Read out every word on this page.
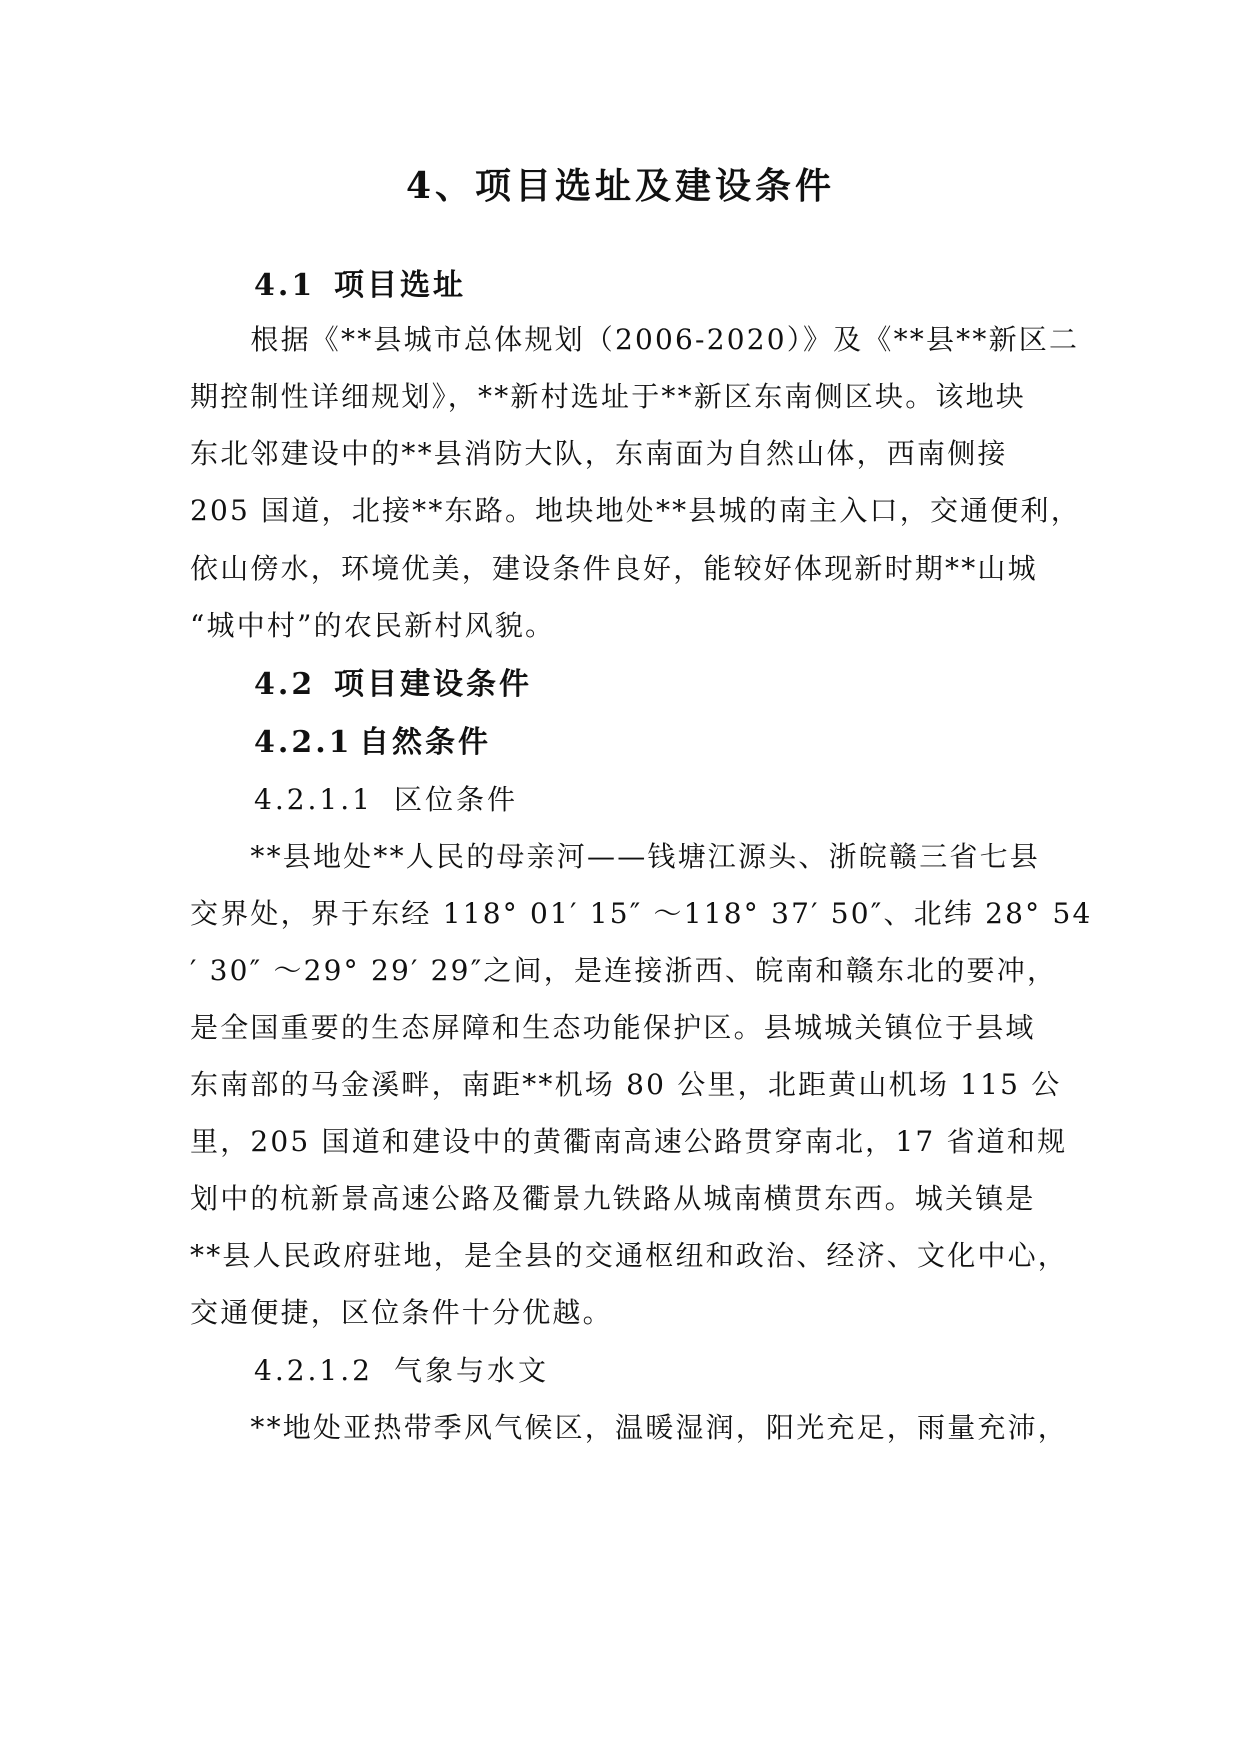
4、项目选址及建设条件
4.1 项目选址
　　根据《**县城市总体规划（2006-2020）》及《**县**新区二
期控制性详细规划》，**新村选址于**新区东南侧区块。该地块
东北邻建设中的**县消防大队，东南面为自然山体，西南侧接
205 国道，北接**东路。地块地处**县城的南主入口，交通便利，
依山傍水，环境优美，建设条件良好，能较好体现新时期**山城
“城中村”的农民新村风貌。
4.2 项目建设条件
4.2.1 自然条件
4.2.1.1 区位条件
　　**县地处**人民的母亲河——钱塘江源头、浙皖赣三省七县
交界处，界于东经 118° 01′ 15″ ～118° 37′ 50″、北纬 28° 54
′ 30″ ～29° 29′ 29″之间，是连接浙西、皖南和赣东北的要冲，
是全国重要的生态屏障和生态功能保护区。县城城关镇位于县域
东南部的马金溪畔，南距**机场 80 公里，北距黄山机场 115 公
里，205 国道和建设中的黄衢南高速公路贯穿南北，17 省道和规
划中的杭新景高速公路及衢景九铁路从城南横贯东西。城关镇是
**县人民政府驻地，是全县的交通枢纽和政治、经济、文化中心，
交通便捷，区位条件十分优越。
4.2.1.2 气象与水文
　　**地处亚热带季风气候区，温暖湿润，阳光充足，雨量充沛，
